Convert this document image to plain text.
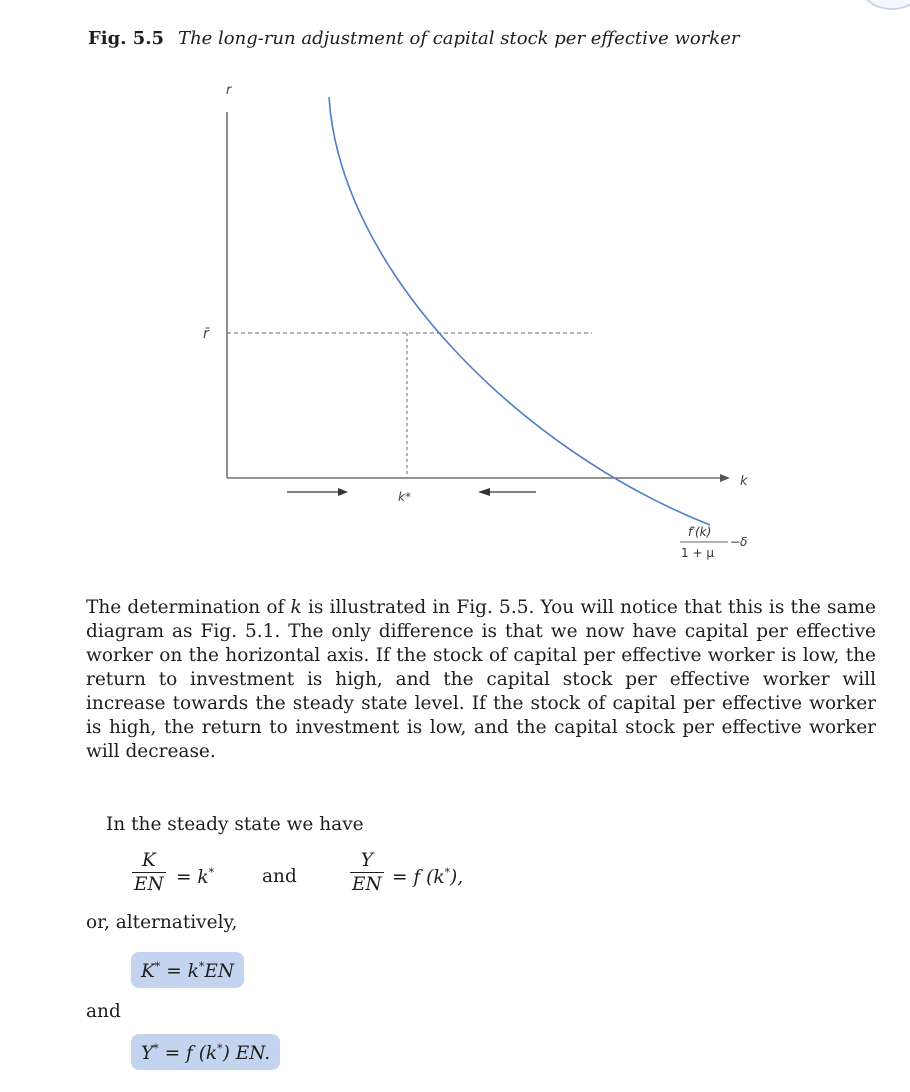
Fig. 5.5 The long-run adjustment of capital stock per effective worker
r
k
r̄
k*
f′(k)
1 + μ
−δ

The determination of k is illustrated in Fig. 5.5. You will notice that this is the same diagram as Fig. 5.1. The only difference is that we now have capital per effective worker on the horizontal axis. If the stock of capital per effective worker is low, the return to investment is high, and the capital stock per effective worker will increase towards the steady state level. If the stock of capital per effective worker is high, the return to investment is low, and the capital stock per effective worker will decrease.

In the steady state we have

$\frac{K}{EN} = k^*$	and	$\frac{Y}{EN} = f$ (k*),
or, alternatively,
K* = k*EN
and
Y* = f (k*) EN.
